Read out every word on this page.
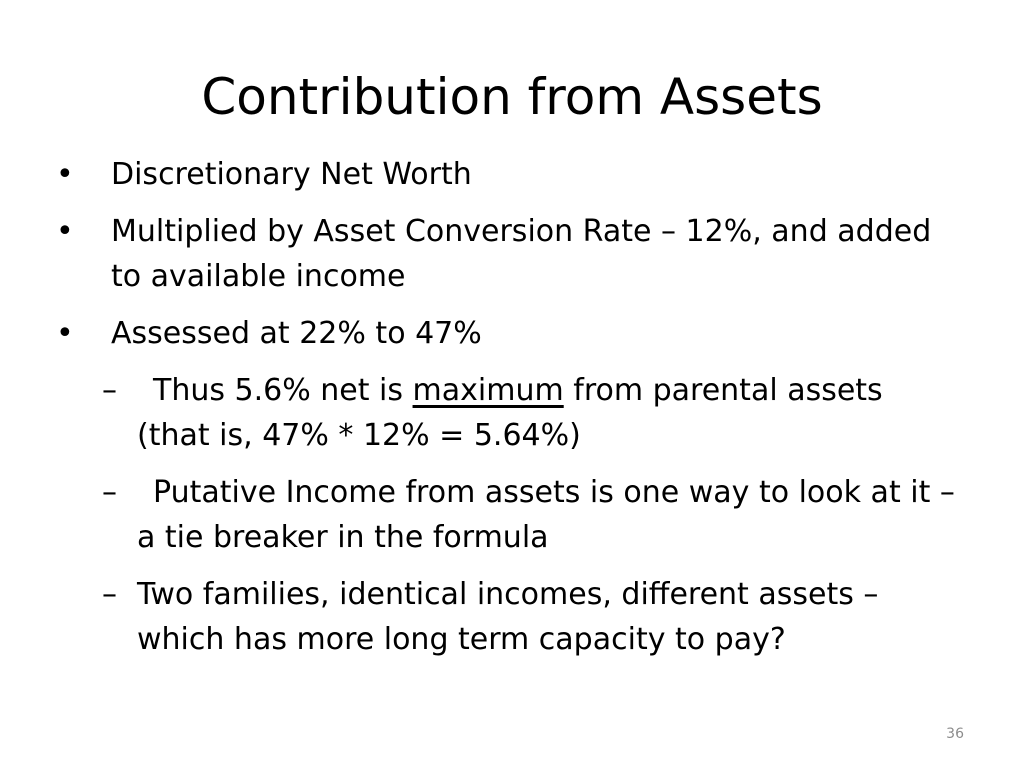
Contribution from Assets
• Discretionary Net Worth
• Multiplied by Asset Conversion Rate – 12%, and added to available income
• Assessed at 22% to 47%
– Thus 5.6% net is maximum from parental assets (that is, 47% * 12% = 5.64%)
– Putative Income from assets is one way to look at it – a tie breaker in the formula
– Two families, identical incomes, different assets – which has more long term capacity to pay?
36
